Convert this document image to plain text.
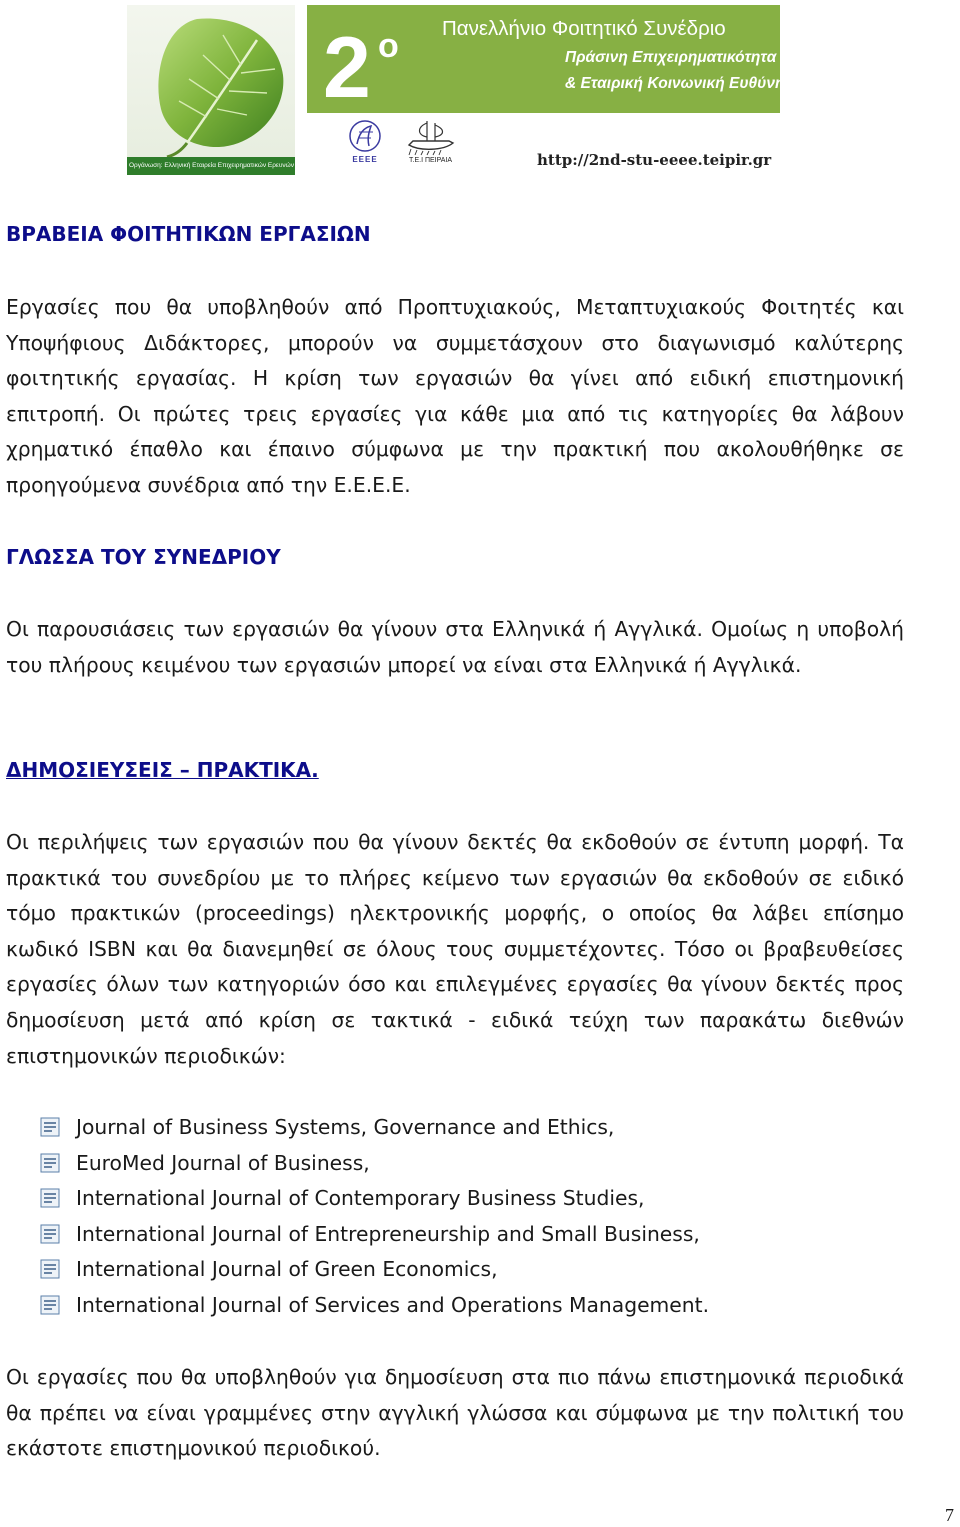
Οργάνωση: Ελληνική Εταιρεία Επιχειρηματικών Ερευνών - Τ.Ε.Ι. Πειραιά
2 ο Πανελλήνιο Φοιτητικό Συνέδριο
Πράσινη Επιχειρηματικότητα
& Εταιρική Κοινωνική Ευθύνη
EEEE	Τ.Ε.Ι ΠΕΙΡΑΙΑ	http://2nd-stu-eeee.teipir.gr
ΒΡΑΒΕΙΑ ΦΟΙΤΗΤΙΚΩΝ ΕΡΓΑΣΙΩΝ

Εργασίες που θα υποβληθούν από Προπτυχιακούς, Μεταπτυχιακούς Φοιτητές και Υποψήφιους Διδάκτορες, μπορούν να συμμετάσχουν στο διαγωνισμό καλύτερης φοιτητικής εργασίας. Η κρίση των εργασιών θα γίνει από ειδική επιστημονική επιτροπή. Οι πρώτες τρεις εργασίες για κάθε μια από τις κατηγορίες θα λάβουν χρηματικό έπαθλο και έπαινο σύμφωνα με την πρακτική που ακολουθήθηκε σε προηγούμενα συνέδρια από την Ε.Ε.Ε.Ε.

ΓΛΩΣΣΑ ΤΟΥ ΣΥΝΕΔΡΙΟΥ

Οι παρουσιάσεις των εργασιών θα γίνουν στα Ελληνικά ή Αγγλικά. Ομοίως η υποβολή του πλήρους κειμένου των εργασιών μπορεί να είναι στα Ελληνικά ή Αγγλικά.

ΔΗΜΟΣΙΕΥΣΕΙΣ – ΠΡΑΚΤΙΚΑ.

Οι περιλήψεις των εργασιών που θα γίνουν δεκτές θα εκδοθούν σε έντυπη μορφή. Τα πρακτικά του συνεδρίου με το πλήρες κείμενο των εργασιών θα εκδοθούν σε ειδικό τόμο πρακτικών (proceedings) ηλεκτρονικής μορφής, ο οποίος θα λάβει επίσημο κωδικό ISBN και θα διανεμηθεί σε όλους τους συμμετέχοντες. Τόσο οι βραβευθείσες εργασίες όλων των κατηγοριών όσο και επιλεγμένες εργασίες θα γίνουν δεκτές προς δημοσίευση μετά από κρίση σε τακτικά - ειδικά τεύχη των παρακάτω διεθνών επιστημονικών περιοδικών:

Journal of Business Systems, Governance and Ethics,
EuroMed Journal of Business,
International Journal of Contemporary Business Studies,
International Journal of Entrepreneurship and Small Business,
International Journal of Green Economics,
International Journal of Services and Operations Management.

Οι εργασίες που θα υποβληθούν για δημοσίευση στα πιο πάνω επιστημονικά περιοδικά θα πρέπει να είναι γραμμένες στην αγγλική γλώσσα και σύμφωνα με την πολιτική του εκάστοτε επιστημονικού περιοδικού.

7
